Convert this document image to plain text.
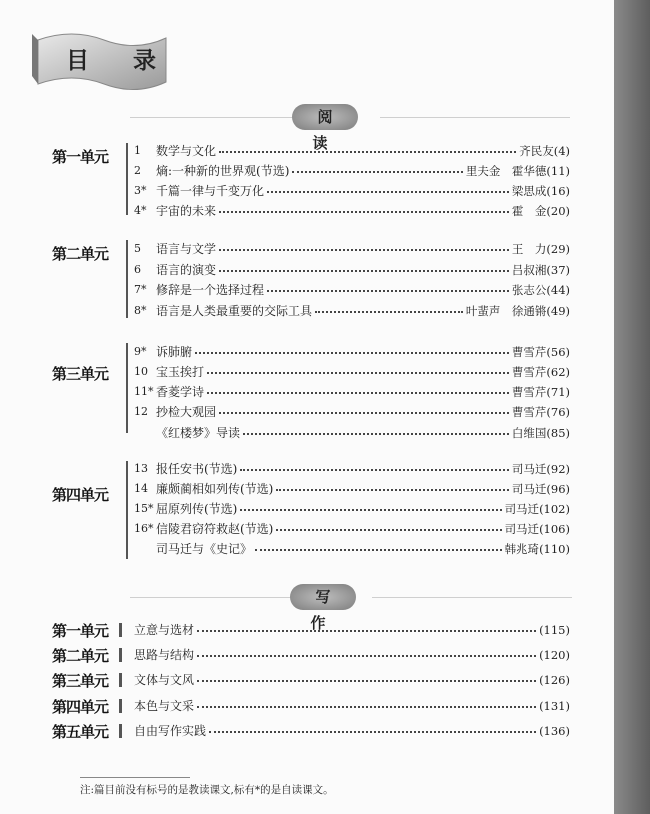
目 录
阅 读
第一单元 1	数学与文化	齐民友 (4)
2	熵:一种新的世界观(节选)	里夫金　霍华德 (11)
3* 千篇一律与千变万化	梁思成 (16)
4* 宇宙的未来	霍　金 (20)
第二单元 5	语言与文学	王　力 (29)
6	语言的演变	吕叔湘 (37)
7* 修辞是一个选择过程	张志公 (44)
8* 语言是人类最重要的交际工具	叶蜚声　徐通锵 (49)
第三单元
9* 诉肺腑	曹雪芹 (56)
10 宝玉挨打	曹雪芹 (62)
11* 香菱学诗	曹雪芹 (71)
12 抄检大观园	曹雪芹 (76)
《红楼梦》导读	白维国 (85)
第四单元
13 报任安书(节选)	司马迁 (92)
14 廉颇蔺相如列传(节选)	司马迁 (96)
15* 屈原列传(节选)	司马迁 (102)
16* 信陵君窃符救赵(节选)	司马迁 (106)
司马迁与《史记》	韩兆琦 (110)
写 作
第一单元 立意与选材	(115)
第二单元 思路与结构	(120)
第三单元 文体与文风	(126)
第四单元 本色与文采	(131)
第五单元 自由写作实践	(136)
注:篇目前没有标号的是教读课文,标有*的是自读课文。
